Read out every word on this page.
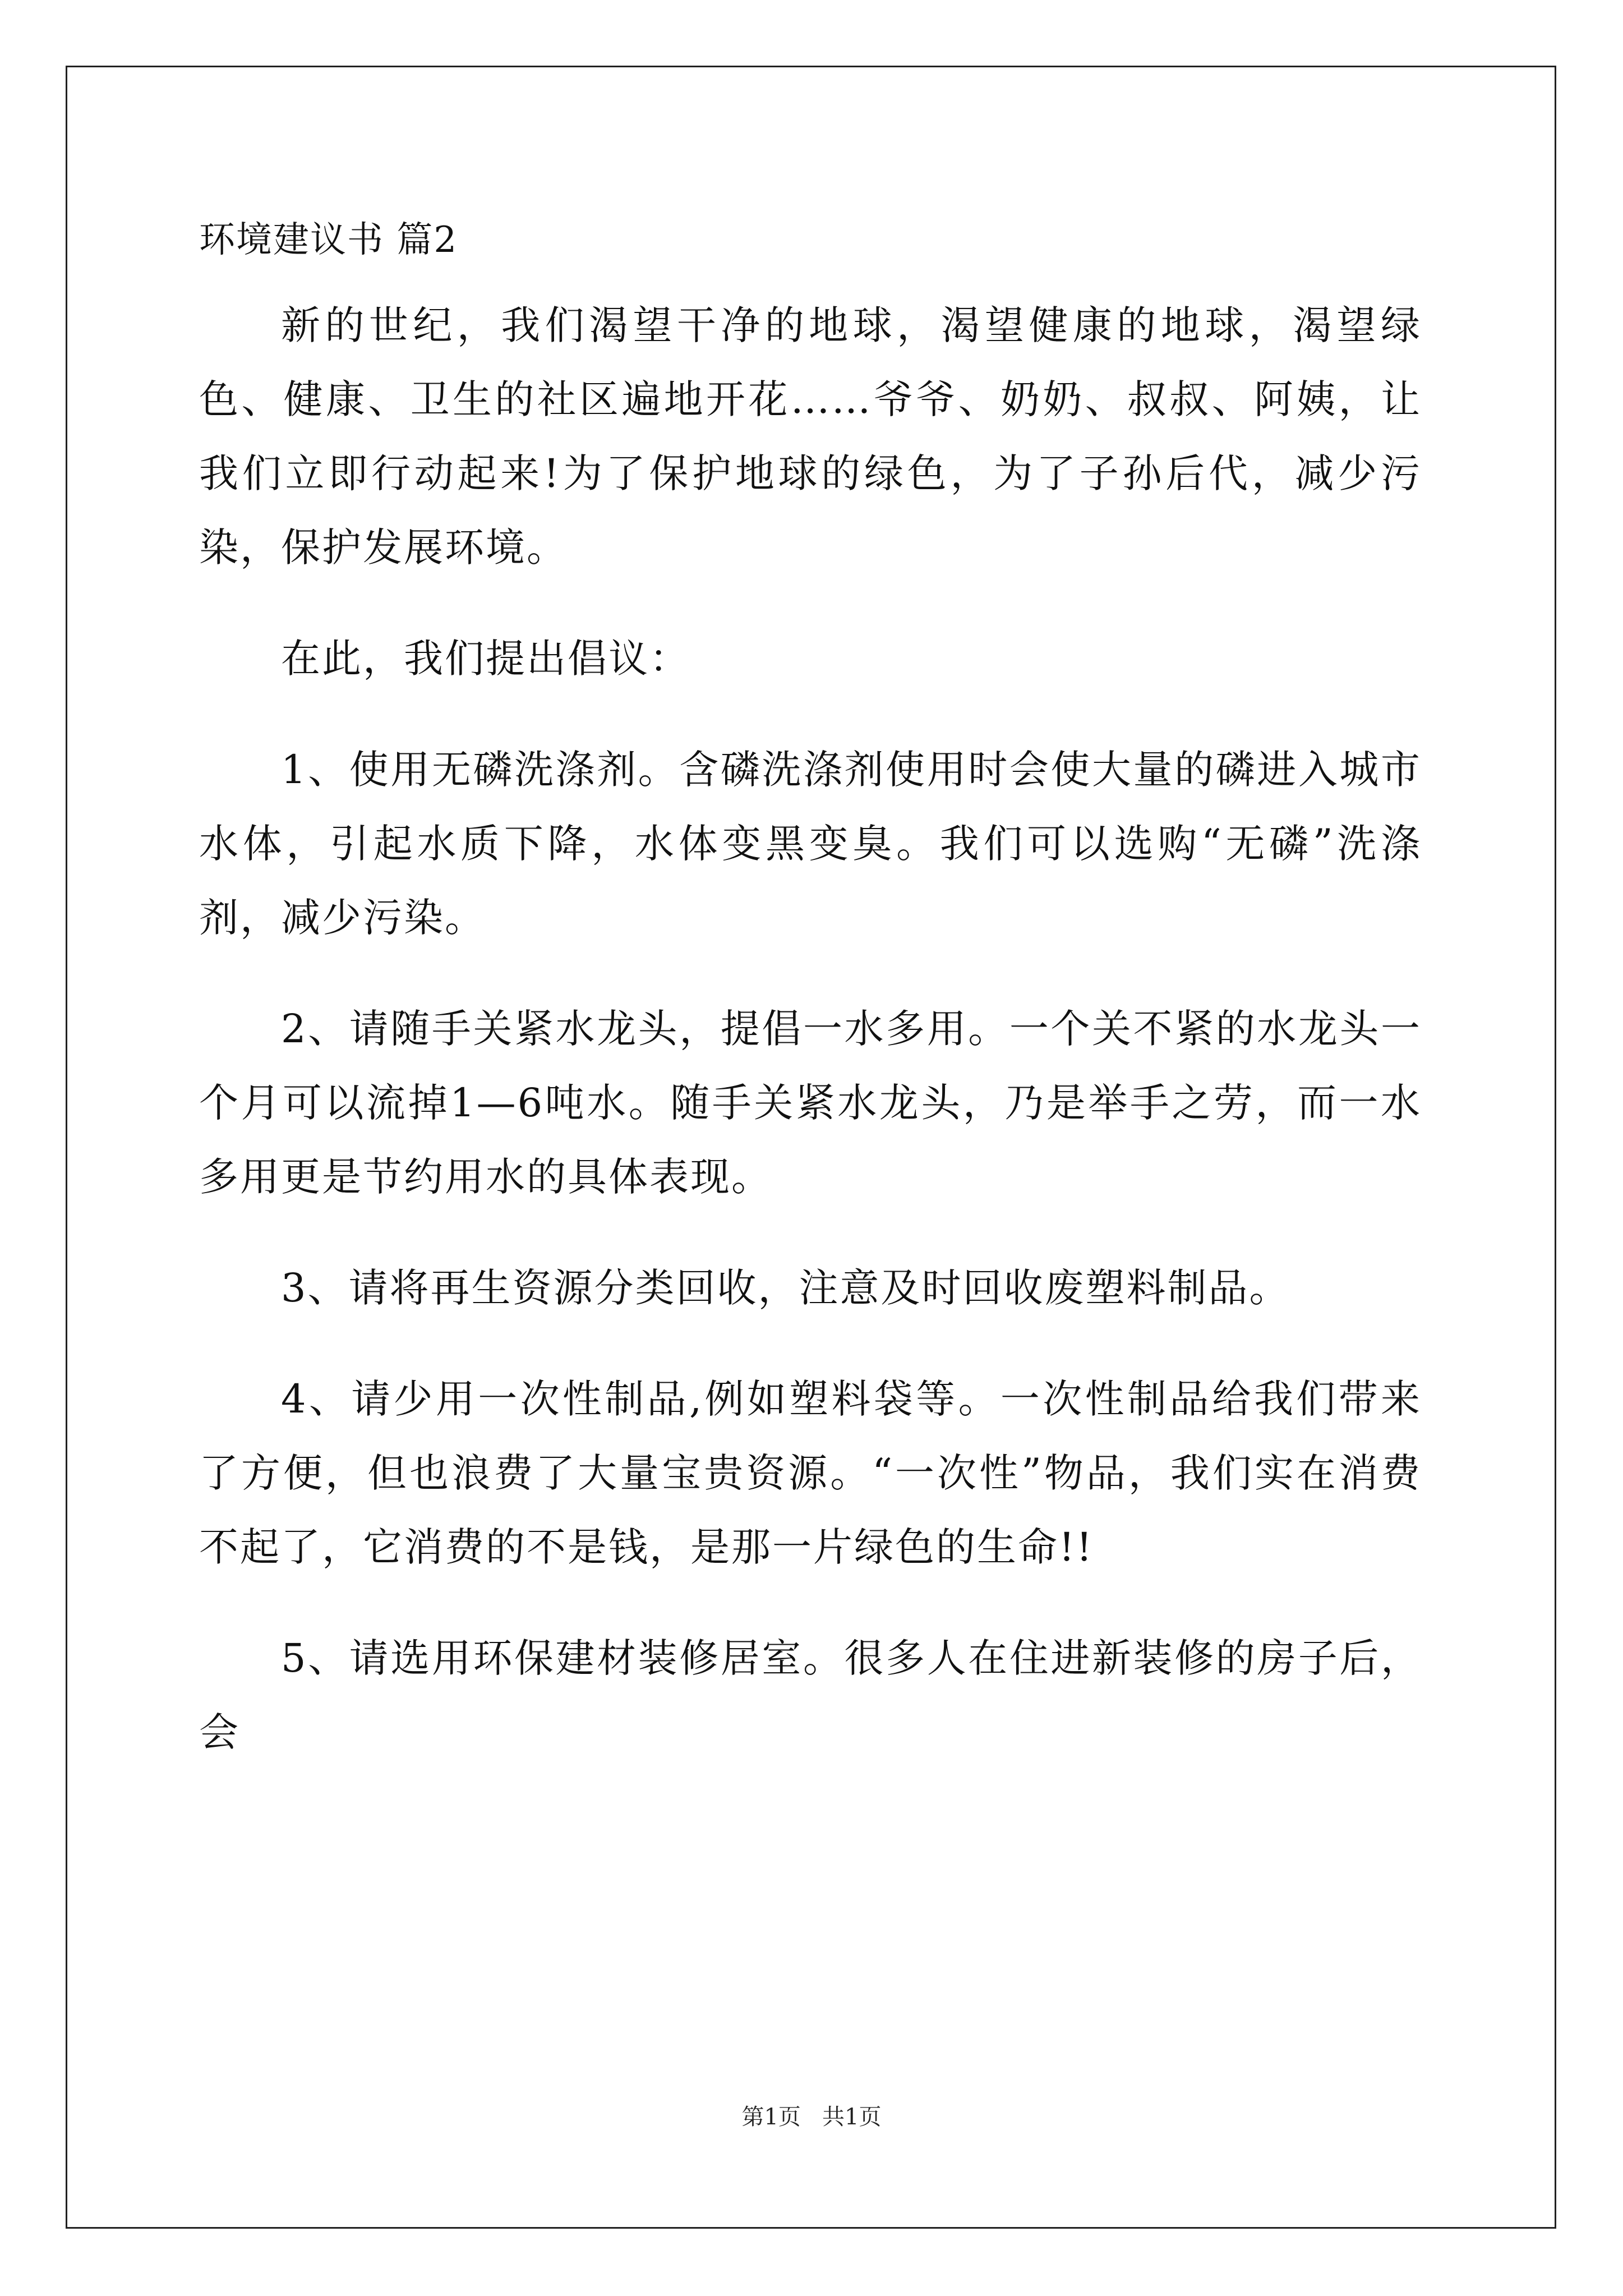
环境建议书 篇2

新的世纪，我们渴望干净的地球，渴望健康的地球，渴望绿色、健康、卫生的社区遍地开花……爷爷、奶奶、叔叔、阿姨，让我们立即行动起来!为了保护地球的绿色，为了子孙后代，减少污染，保护发展环境。

在此，我们提出倡议：

1、使用无磷洗涤剂。含磷洗涤剂使用时会使大量的磷进入城市水体，引起水质下降，水体变黑变臭。我们可以选购“无磷”洗涤剂，减少污染。

2、请随手关紧水龙头，提倡一水多用。一个关不紧的水龙头一个月可以流掉1—6吨水。随手关紧水龙头，乃是举手之劳，而一水多用更是节约用水的具体表现。

3、请将再生资源分类回收，注意及时回收废塑料制品。

4、请少用一次性制品,例如塑料袋等。一次性制品给我们带来了方便，但也浪费了大量宝贵资源。“一次性”物品，我们实在消费不起了，它消费的不是钱，是那一片绿色的生命!!

5、请选用环保建材装修居室。很多人在住进新装修的房子后，会

第1页   共1页
